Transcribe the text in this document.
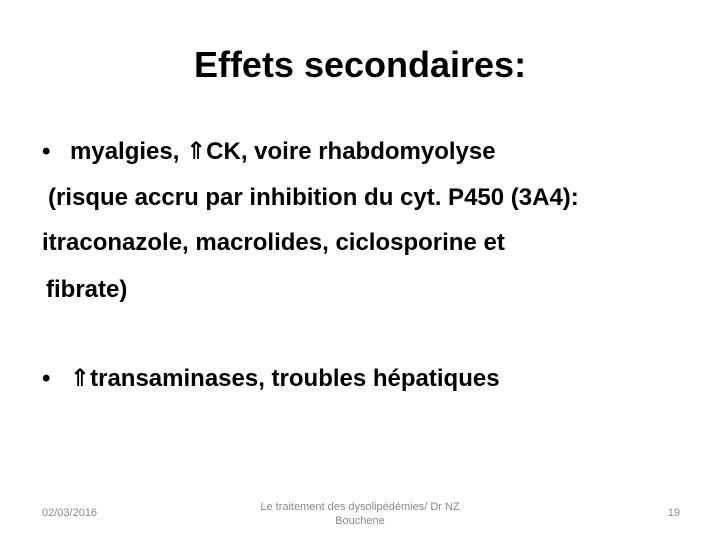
Effets secondaires:
• myalgies, ⇑CK, voire rhabdomyolyse
(risque accru par inhibition du cyt. P450 (3A4):
itraconazole, macrolides, ciclosporine et
fibrate)
• ⇑transaminases, troubles hépatiques
02/03/2016	Le traitement des dysolipédémies/ Dr NZ Bouchene
19
